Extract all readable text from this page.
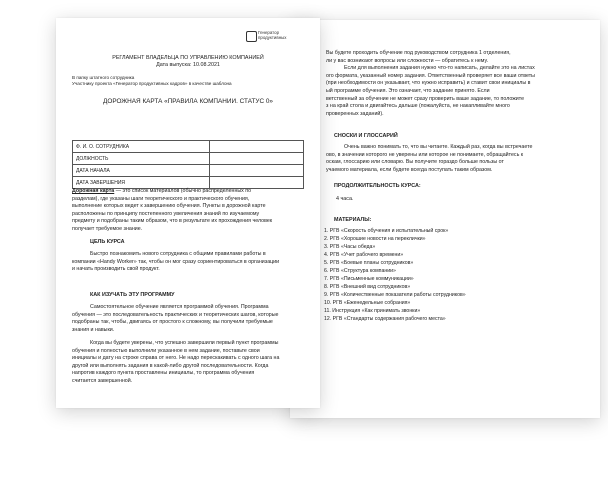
Вы будете проходить обучение под руководством сотрудника 1 отделения,
ли у вас возникают вопросы или сложности — обратитесь к нему.
Если для выполнения задания нужно что-то написать, делайте это на листах
ого формата, указанный номер задания. Ответственный проверяет все ваши ответы
(при необходимости он указывает, что нужно исправить) и ставит свои инициалы в
ый программе обучения. Это означает, что задание принято. Если
ветственный за обучение не может сразу проверить ваше задание, то положите
з на край стола и двигайтесь дальше (пожалуйста, не накапливайте много
проверенных заданий).
СНОСКИ И ГЛОССАРИЙ
Очень важно понимать то, что вы читаете. Каждый раз, когда вы встречаете
ово, в значении которого не уверены или которое не понимаете, обращайтесь к
оскам, глоссарию или словарю. Вы получите гораздо больше пользы от
учаемого материала, если будете всегда поступать таким образом.
ПРОДОЛЖИТЕЛЬНОСТЬ КУРСА:
4 часа.
МАТЕРИАЛЫ:
1. РГВ «Скорость обучения и испытательный срок»
2. РГВ «Хорошие новости на переклички»
3. РГВ «Часы обеда»
4. РГВ «Учет рабочего времени»
5. РГВ «Боевые планы сотрудников»
6. РГВ «Структура компании»
7. РГВ «Письменные коммуникации»
8. РГВ «Внешний вид сотрудников»
9. РГВ «Количественные показатели работы сотрудников»
10. РГВ «Еженедельные собрания»
11. Инструкция «Как принимать звонки»
12. РГВ «Стандарты содержания рабочего места»
Генератор
продуктивных
РЕГЛАМЕНТ ВЛАДЕЛЬЦА ПО УПРАВЛЕНИЮ КОМПАНИЕЙ
Дата выпуска: 10.08.2021
В папку штатного сотрудника
Участнику проекта «Генератор продуктивных кадров» в качестве шаблона
ДОРОЖНАЯ КАРТА «ПРАВИЛА КОМПАНИИ. СТАТУС 0»
Ф. И. О. СОТРУДНИКА	
ДОЛЖНОСТЬ	
ДАТА НАЧАЛА	
ДАТА ЗАВЕРШЕНИЯ	
Дорожная карта — это список материалов (обычно распределенных по
разделам), где указаны шаги теоретического и практического обучения,
выполнение которых ведет к завершению обучения. Пункты в дорожной карте
расположены по принципу постепенного увеличения знаний по изучаемому
предмету и подобраны таким образом, что в результате их прохождения человек
получает требуемое знание.
ЦЕЛЬ КУРСА
Быстро познакомить нового сотрудника с общими правилами работы в
компании «Handy Worker» так, чтобы он мог сразу сориентироваться в организации
и начать производить свой продукт.
КАК ИЗУЧАТЬ ЭТУ ПРОГРАММУ
Самостоятельное обучение является программой обучения. Программа
обучения — это последовательность практических и теоретических шагов, которые
подобраны так, чтобы, двигаясь от простого к сложному, вы получили требуемые
знания и навыки.
Когда вы будете уверены, что успешно завершили первый пункт программы
обучения и полностью выполнили указанное в нем задание, поставьте свои
инициалы и дату на строке справа от него. Не надо перескакивать с одного шага на
другой или выполнять задания в какой-либо другой последовательности. Когда
напротив каждого пункта проставлены инициалы, то программа обучения
считается завершенной.
